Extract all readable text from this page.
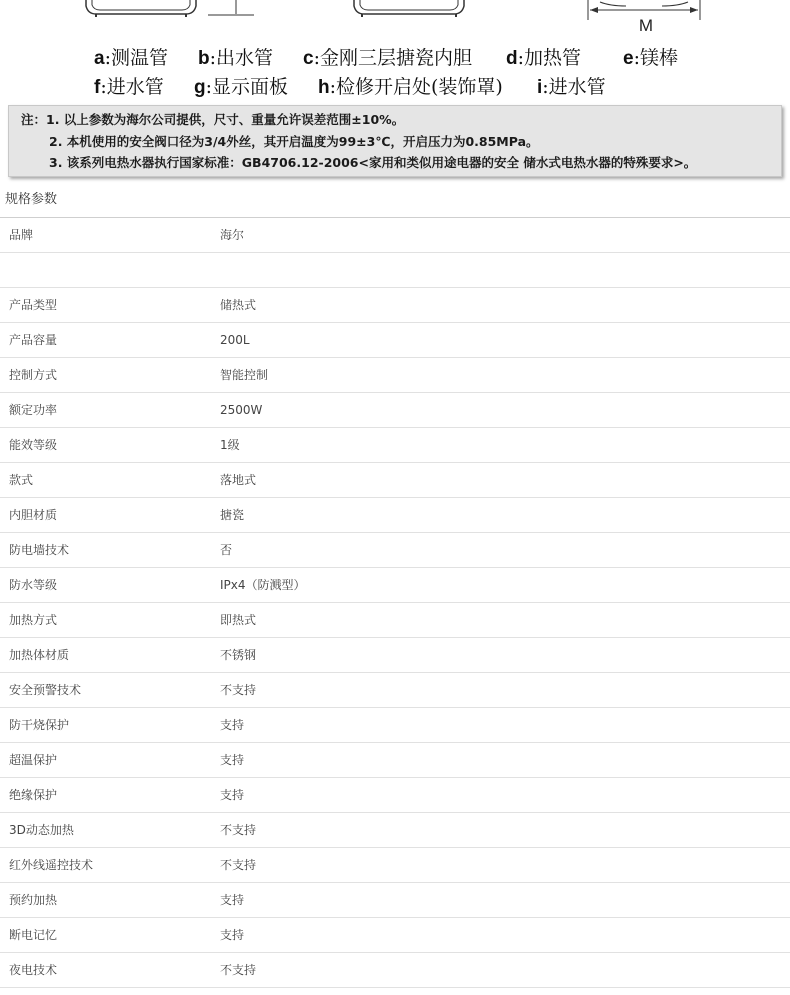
M
a:测温管 b:出水管 c:金刚三层搪瓷内胆 d:加热管 e:镁棒
f:进水管 g:显示面板 h:检修开启处(装饰罩) i:进水管
注：1. 以上参数为海尔公司提供，尺寸、重量允许误差范围±10%。
2. 本机使用的安全阀口径为3/4外丝，其开启温度为99±3℃，开启压力为0.85MPa。
3. 该系列电热水器执行国家标准：GB4706.12-2006<家用和类似用途电器的安全 储水式电热水器的特殊要求>。
规格参数
品牌	海尔
产品类型	储热式
产品容量	200L
控制方式	智能控制
额定功率	2500W
能效等级	1级
款式	落地式
内胆材质	搪瓷
防电墙技术	否
防水等级	IPx4（防溅型）
加热方式	即热式
加热体材质	不锈钢
安全预警技术	不支持
防干烧保护	支持
超温保护	支持
绝缘保护	支持
3D动态加热	不支持
红外线遥控技术	不支持
预约加热	支持
断电记忆	支持
夜电技术	不支持
